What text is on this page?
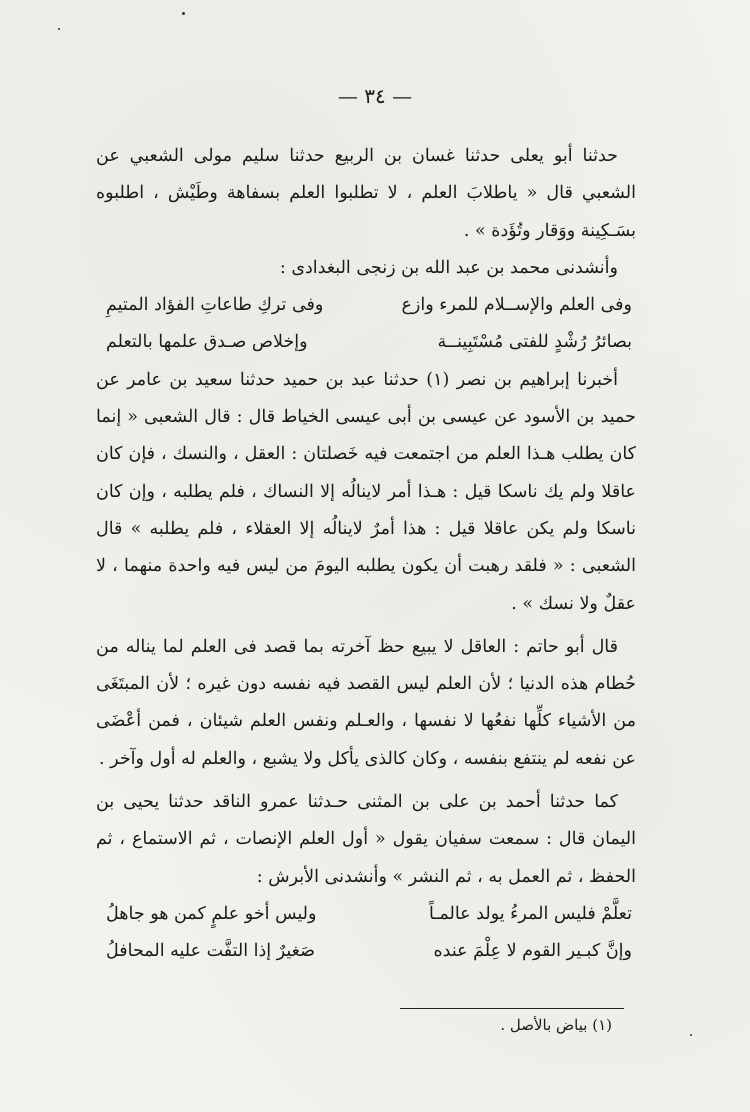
— ٣٤ —

حدثنا أبو يعلى حدثنا غسان بن الربيع حدثنا سليم مولى الشعبي عن الشعبي قال « ياطلابَ العلم ، لا تطلبوا العلم بسفاهة وطَيْش ، اطلبوه بسَـكِينة ووَقار وتُؤَدة » .

وأنشدنى محمد بن عبد الله بن زنجى البغدادى :

وفى العلم والإســلام للمرء وازع
وفى تركِ طاعاتِ الفؤاد المتيمِ
بصائرُ رُشْدٍ للفتى مُسْتَبِينــة
وإخلاص صـدق علمها بالتعلم

أخبرنا إبراهيم بن نصر (١) حدثنا عبد بن حميد حدثنا سعيد بن عامر عن حميد بن الأسود عن عيسى بن أبى عيسى الخياط قال : قال الشعبى « إنما كان يطلب هـذا العلم من اجتمعت فيه خَصلتان : العقل ، والنسك ، فإن كان عاقلا ولم يك ناسكا قيل : هـذا أمر لاينالُه إلا النساك ، فلم يطلبه ، وإن كان ناسكا ولم يكن عاقلا قيل : هذا أمرٌ لاينالُه إلا العقلاء ، فلم يطلبه » قال الشعبى : « فلقد رهبت أن يكون يطلبه اليومَ من ليس فيه واحدة منهما ، لا عقلٌ ولا نسك » .

قال أبو حاتم : العاقل لا يبيع حظ آخرته بما قصد فى العلم لما يناله من حُطام هذه الدنيا ؛ لأن العلم ليس القصد فيه نفسه دون غيره ؛ لأن المبتَغَى من الأشياء كلِّها نفعُها لا نفسها ، والعـلم ونفس العلم شيئان ، فمن أعْضَى عن نفعه لم ينتفع بنفسه ، وكان كالذى يأكل ولا يشبع ، والعلم له أول وآخر .

كما حدثنا أحمد بن على بن المثنى حـدثنا عمرو الناقد حدثنا يحيى بن اليمان قال : سمعت سفيان يقول « أول العلم الإنصات ، ثم الاستماع ، ثم الحفظ ، ثم العمل به ، ثم النشر » وأنشدنى الأبرش :

تعلَّمْ فليس المرءُ يولد عالمـاً
وليس أخو علمٍ كمن هو جاهلُ
وإنَّ كبـير القوم لا عِلْمَ عنده
صَغيرٌ إذا التفَّت عليه المحافلُ
(١) بياض بالأصل .
